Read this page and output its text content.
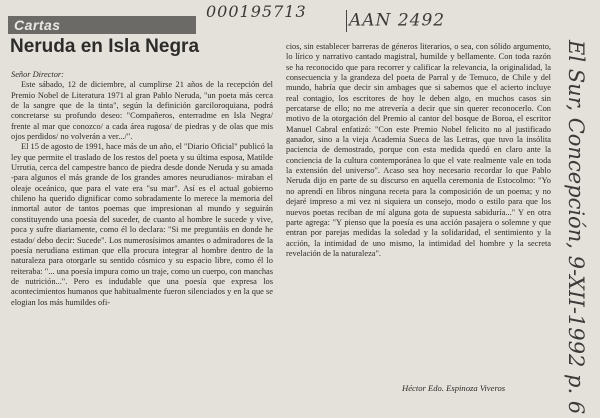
000195713 AAN 2492
El Sur, Concepción, 9-XII-1992 p. 6
Cartas
Neruda en Isla Negra

Señor Director:

Este sábado, 12 de diciembre, al cumplirse 21 años de la recepción del Premio Nobel de Literatura 1971 al gran Pablo Neruda, "un poeta más cerca de la sangre que de la tinta", según la definición garciloroquiana, podrá concretarse su profundo deseo: "Compañeros, enterradme en Isla Negra/ frente al mar que conozco/ a cada área rugosa/ de piedras y de olas que mis ojos perdidos/ no volverán a ver.../".

El 15 de agosto de 1991, hace más de un año, el "Diario Oficial" publicó la ley que permite el traslado de los restos del poeta y su última esposa, Matilde Urrutia, cerca del campestre banco de piedra desde donde Neruda y su amada -para algunos el más grande de los grandes amores neurudianos- miraban el oleaje oceánico, que para el vate era "su mar". Así es el actual gobierno chileno ha querido dignificar como sobradamente lo merece la memoria del inmortal autor de tantos poemas que impresionan al mundo y seguirán constituyendo una poesía del suceder, de cuanto al hombre le sucede y vive, poca y sufre diariamente, como él lo declara: "Si me preguntáis en donde he estado/ debo decir: Sucede". Los numerosísimos amantes o admiradores de la poesía nerudiana estiman que ella procura integrar al hombre dentro de la naturaleza para otorgarle su sentido cósmico y su espacio libre, como él lo reiteraba: "... una poesía impura como un traje, como un cuerpo, con manchas de nutrición...". Pero es indudable que una poesía que expresa los acontecimientos humanos que habitualmente fueron silenciados y en la que se elogian los más humildes ofi-

cios, sin establecer barreras de géneros literarios, o sea, con sólido argumento, lo lírico y narrativo cantado magistral, humilde y bellamente. Con toda razón se ha reconocido que para recorrer y calificar la relevancia, la originalidad, la consecuencia y la grandeza del poeta de Parral y de Temuco, de Chile y del mundo, habría que decir sin ambages que si sabemos que el acierto incluye real contagio, los escritores de hoy le deben algo, en muchos casos sin percatarse de ello; no me atrevería a decir que sin querer reconocerlo. Con motivo de la otorgación del Premio al cantor del bosque de Boroa, el escritor Manuel Cabral enfatizó: "Con este Premio Nobel felicito no al justificado ganador, sino a la vieja Academia Sueca de las Letras, que tuvo la insólita paciencia de demostrado, porque con esta medida quedó en claro ante la conciencia de la cultura contemporánea lo que el vate realmente vale en toda la extensión del universo". Acaso sea hoy necesario recordar lo que Pablo Neruda dijo en parte de su discurso en aquella ceremonia de Estocolmo: "Yo no aprendí en libros ninguna receta para la composición de un poema; y no dejaré impreso a mi vez ni siquiera un consejo, modo o estilo para que los nuevos poetas reciban de mí alguna gota de supuesta sabiduría..." Y en otra parte agrega: "Y pienso que la poesía es una acción pasajera o solemne y que entran por parejas medidas la soledad y la solidaridad, el sentimiento y la acción, la intimidad de uno mismo, la intimidad del hombre y la secreta revelación de la naturaleza".

Héctor Edo. Espinoza Viveros
